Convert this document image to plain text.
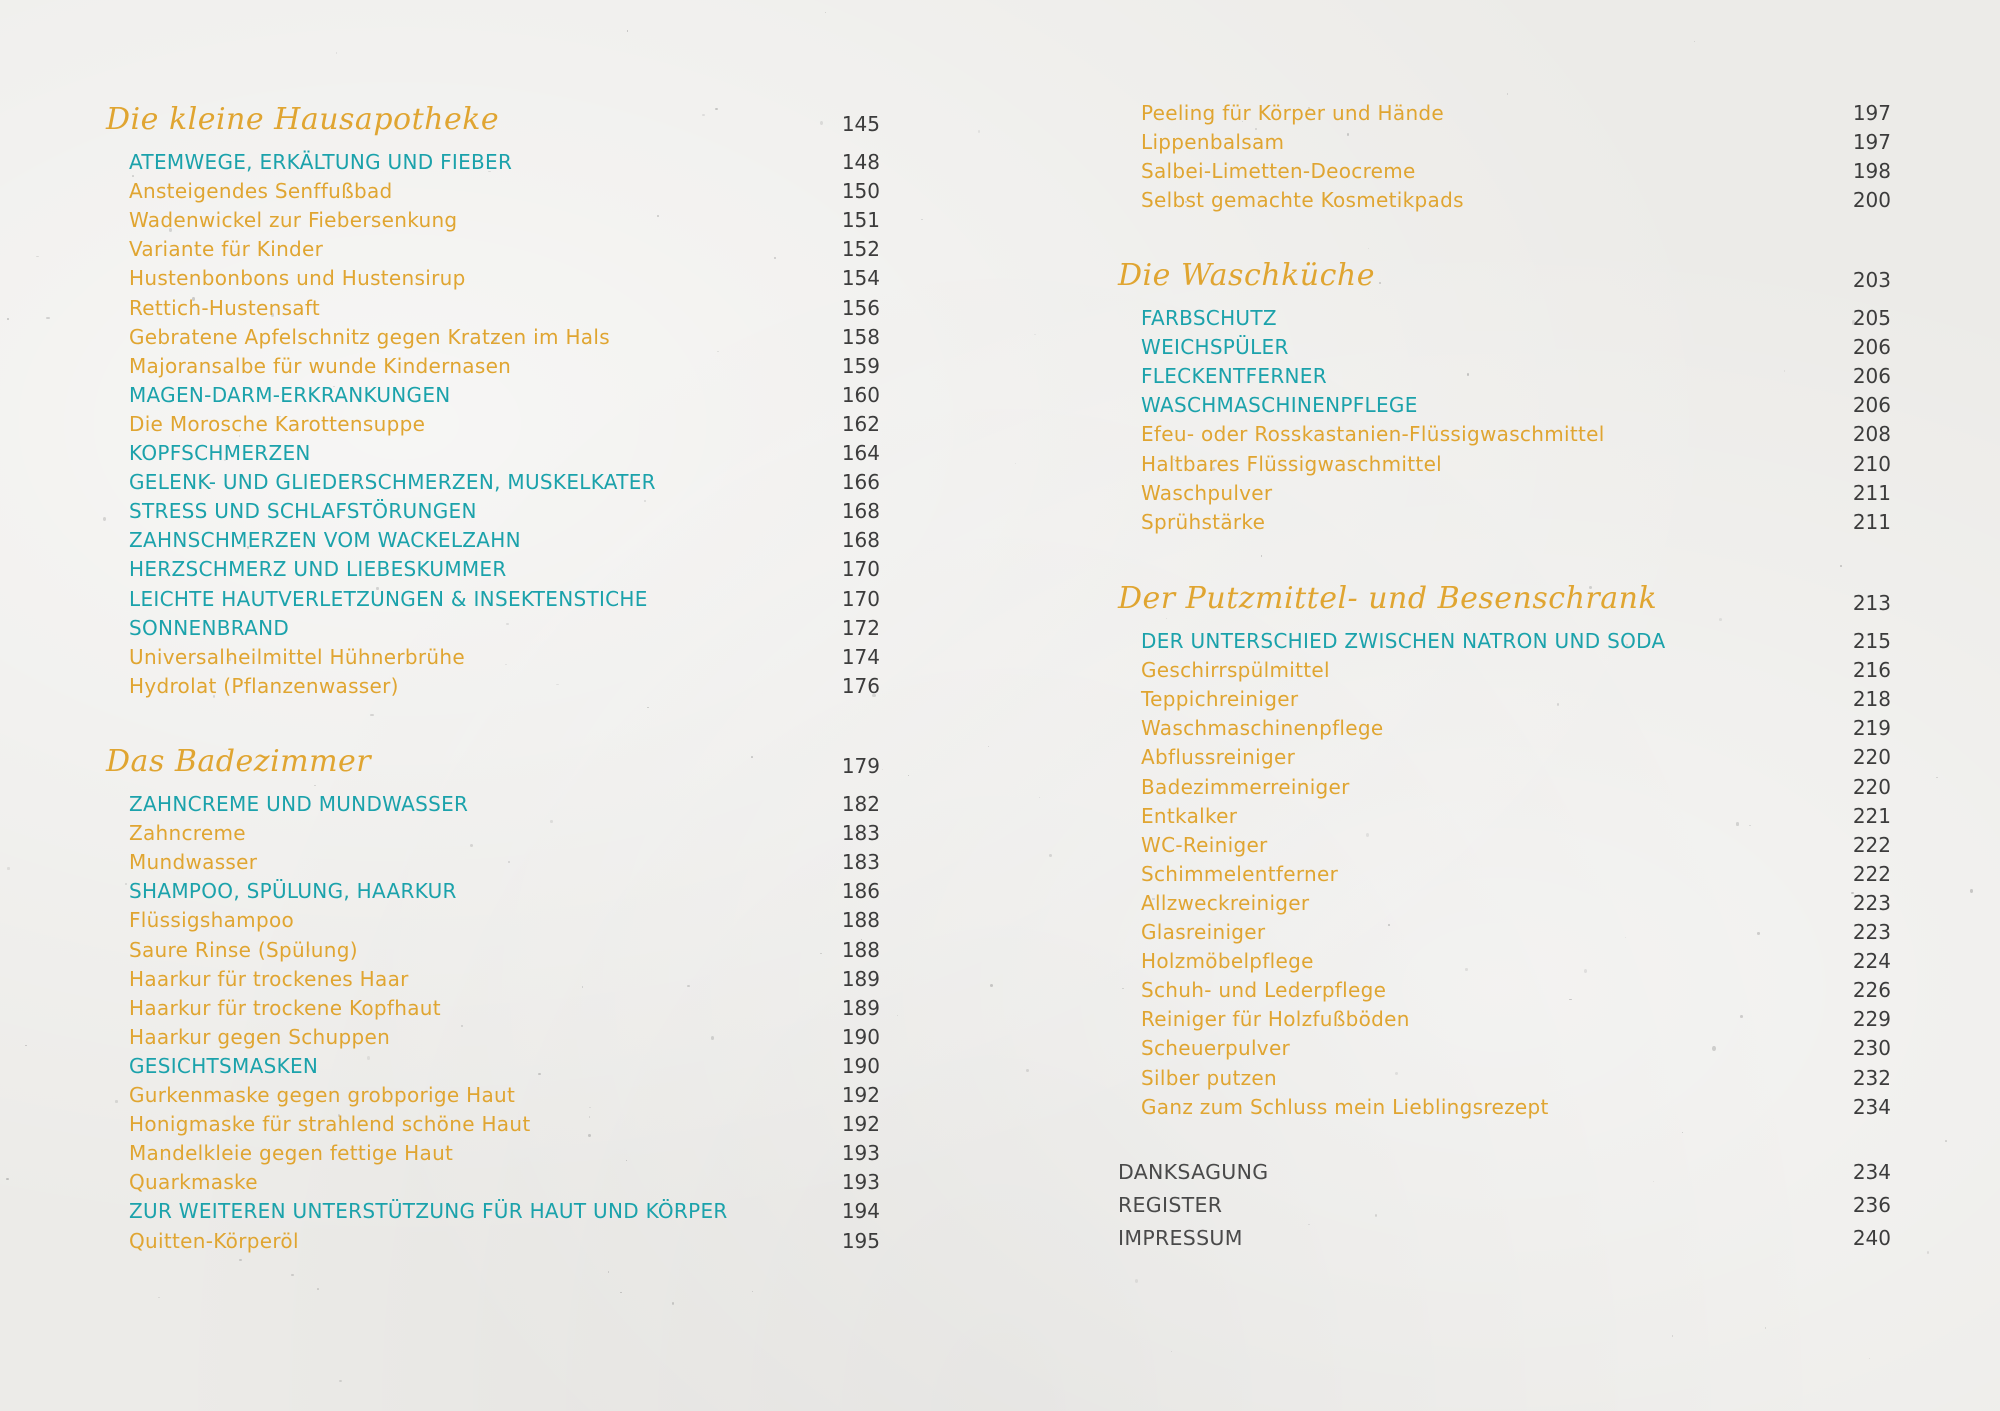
Die kleine Hausapotheke	145
ATEMWEGE, ERKÄLTUNG UND FIEBER	148
Ansteigendes Senffußbad	150
Wadenwickel zur Fiebersenkung	151
Variante für Kinder	152
Hustenbonbons und Hustensirup	154
Rettich-Hustensaft	156
Gebratene Apfelschnitz gegen Kratzen im Hals	158
Majoransalbe für wunde Kindernasen	159
MAGEN-DARM-ERKRANKUNGEN	160
Die Morosche Karottensuppe	162
KOPFSCHMERZEN	164
GELENK- UND GLIEDERSCHMERZEN, MUSKELKATER	166
STRESS UND SCHLAFSTÖRUNGEN	168
ZAHNSCHMERZEN VOM WACKELZAHN	168
HERZSCHMERZ UND LIEBESKUMMER	170
LEICHTE HAUTVERLETZUNGEN & INSEKTENSTICHE	170
SONNENBRAND	172
Universalheilmittel Hühnerbrühe	174
Hydrolat (Pflanzenwasser)	176
Das Badezimmer	179
ZAHNCREME UND MUNDWASSER	182
Zahncreme	183
Mundwasser	183
SHAMPOO, SPÜLUNG, HAARKUR	186
Flüssigshampoo	188
Saure Rinse (Spülung)	188
Haarkur für trockenes Haar	189
Haarkur für trockene Kopfhaut	189
Haarkur gegen Schuppen	190
GESICHTSMASKEN	190
Gurkenmaske gegen grobporige Haut	192
Honigmaske für strahlend schöne Haut	192
Mandelkleie gegen fettige Haut	193
Quarkmaske	193
ZUR WEITEREN UNTERSTÜTZUNG FÜR HAUT UND KÖRPER	194
Quitten-Körperöl	195
Peeling für Körper und Hände	197
Lippenbalsam	197
Salbei-Limetten-Deocreme	198
Selbst gemachte Kosmetikpads	200
Die Waschküche	203
FARBSCHUTZ	205
WEICHSPÜLER	206
FLECKENTFERNER	206
WASCHMASCHINENPFLEGE	206
Efeu- oder Rosskastanien-Flüssigwaschmittel	208
Haltbares Flüssigwaschmittel	210
Waschpulver	211
Sprühstärke	211
Der Putzmittel- und Besenschrank	213
DER UNTERSCHIED ZWISCHEN NATRON UND SODA	215
Geschirrspülmittel	216
Teppichreiniger	218
Waschmaschinenpflege	219
Abflussreiniger	220
Badezimmerreiniger	220
Entkalker	221
WC-Reiniger	222
Schimmelentferner	222
Allzweckreiniger	223
Glasreiniger	223
Holzmöbelpflege	224
Schuh- und Lederpflege	226
Reiniger für Holzfußböden	229
Scheuerpulver	230
Silber putzen	232
Ganz zum Schluss mein Lieblingsrezept	234
DANKSAGUNG	234
REGISTER	236
IMPRESSUM	240
